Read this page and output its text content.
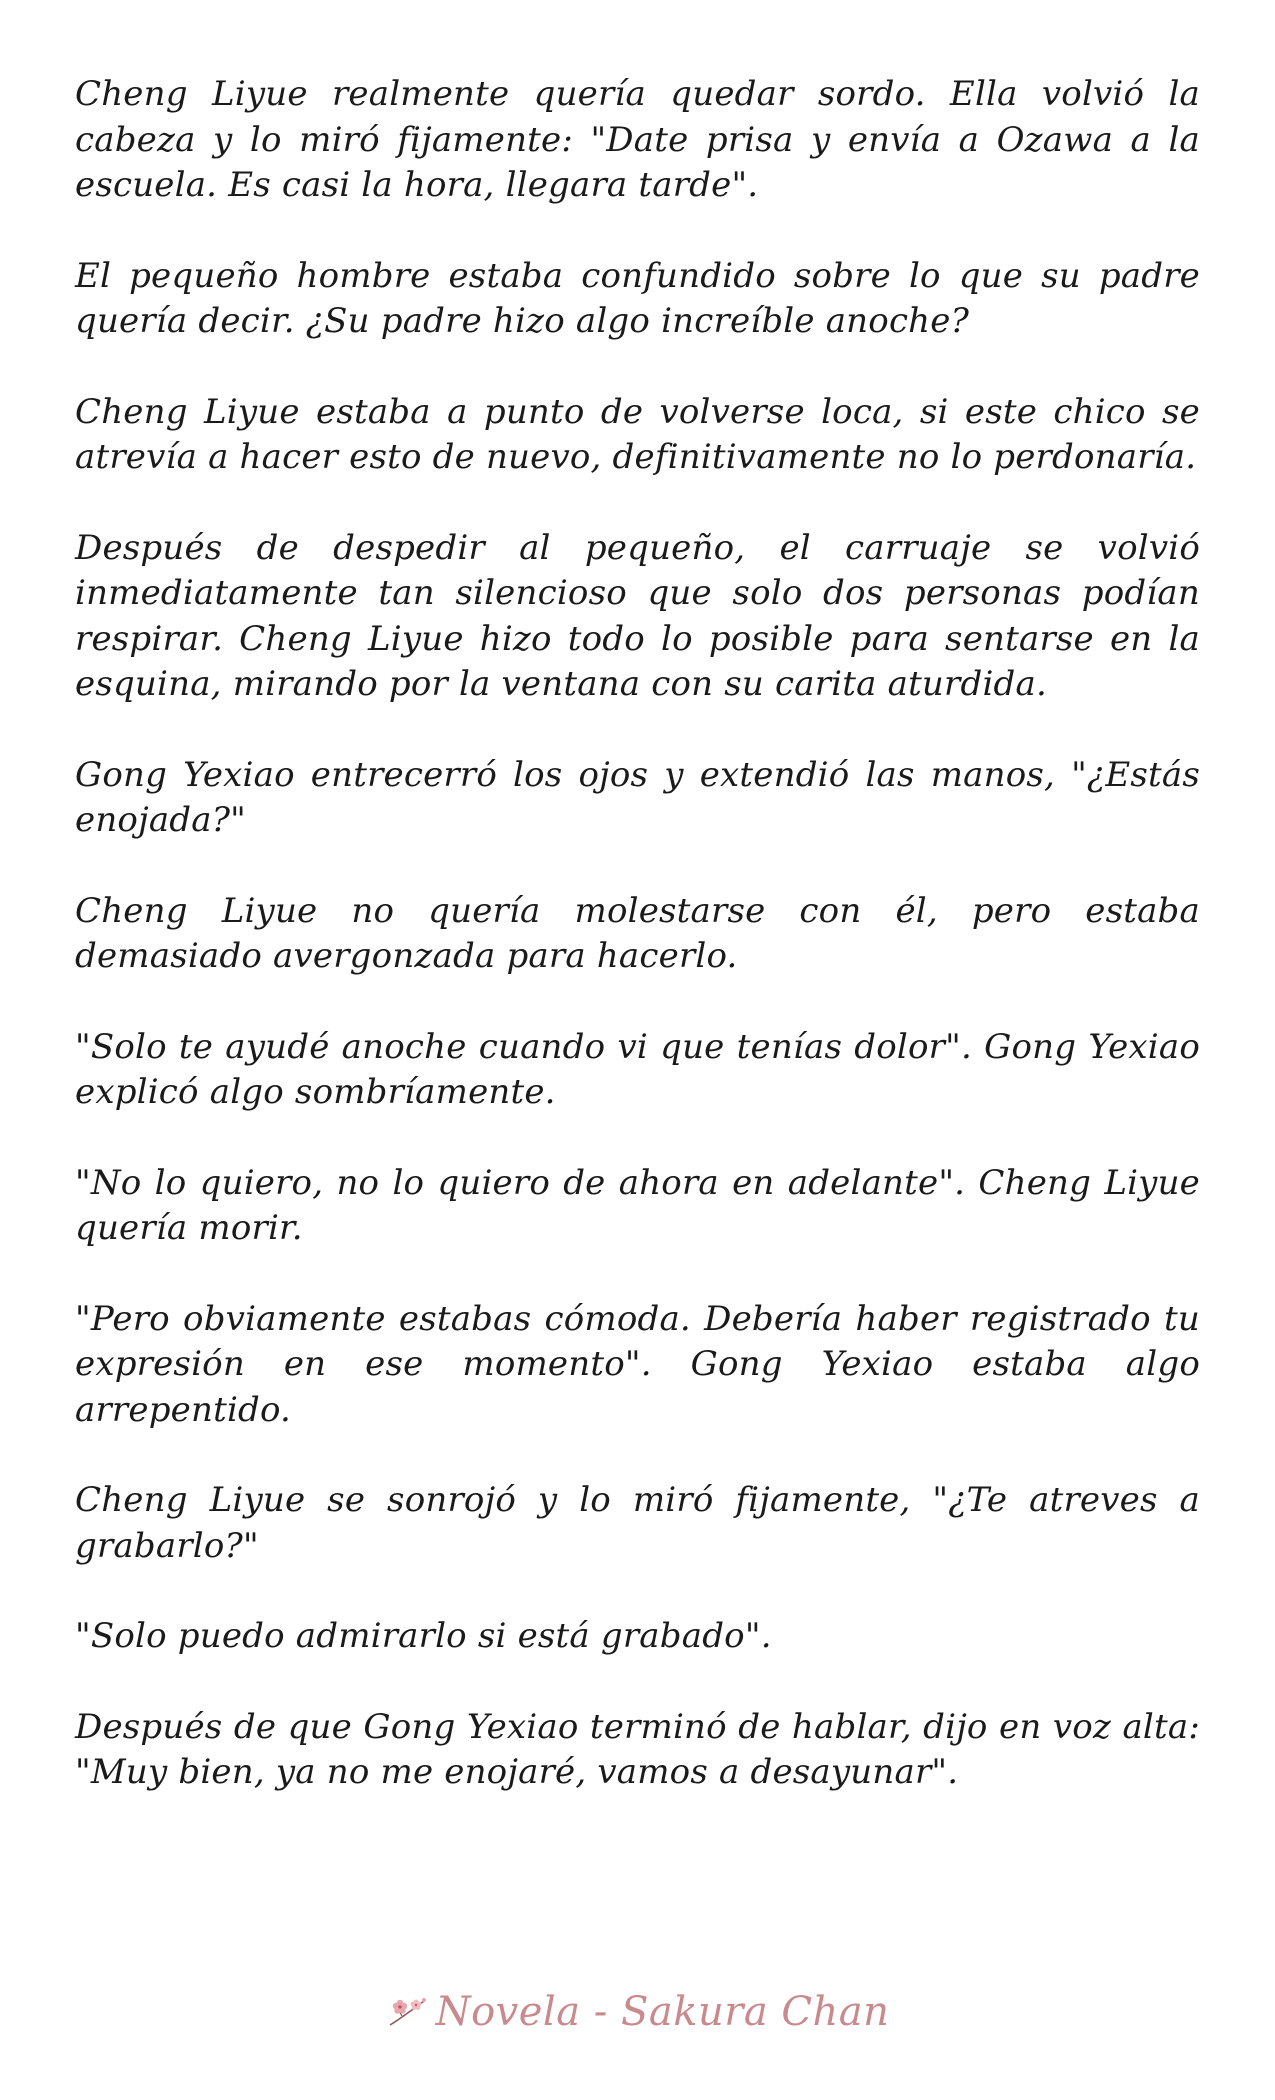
Cheng Liyue realmente quería quedar sordo. Ella volvió la cabeza y lo miró fijamente: "Date prisa y envía a Ozawa a la escuela. Es casi la hora, llegara tarde".

El pequeño hombre estaba confundido sobre lo que su padre quería decir. ¿Su padre hizo algo increíble anoche?

Cheng Liyue estaba a punto de volverse loca, si este chico se atrevía a hacer esto de nuevo, definitivamente no lo perdonaría.

Después de despedir al pequeño, el carruaje se volvió inmediatamente tan silencioso que solo dos personas podían respirar. Cheng Liyue hizo todo lo posible para sentarse en la esquina, mirando por la ventana con su carita aturdida.

Gong Yexiao entrecerró los ojos y extendió las manos, "¿Estás enojada?"

Cheng Liyue no quería molestarse con él, pero estaba demasiado avergonzada para hacerlo.

"Solo te ayudé anoche cuando vi que tenías dolor". Gong Yexiao explicó algo sombríamente.

"No lo quiero, no lo quiero de ahora en adelante". Cheng Liyue quería morir.

"Pero obviamente estabas cómoda. Debería haber registrado tu expresión en ese momento". Gong Yexiao estaba algo arrepentido.

Cheng Liyue se sonrojó y lo miró fijamente, "¿Te atreves a grabarlo?"

"Solo puedo admirarlo si está grabado".

Después de que Gong Yexiao terminó de hablar, dijo en voz alta: "Muy bien, ya no me enojaré, vamos a desayunar".

Novela - Sakura Chan
